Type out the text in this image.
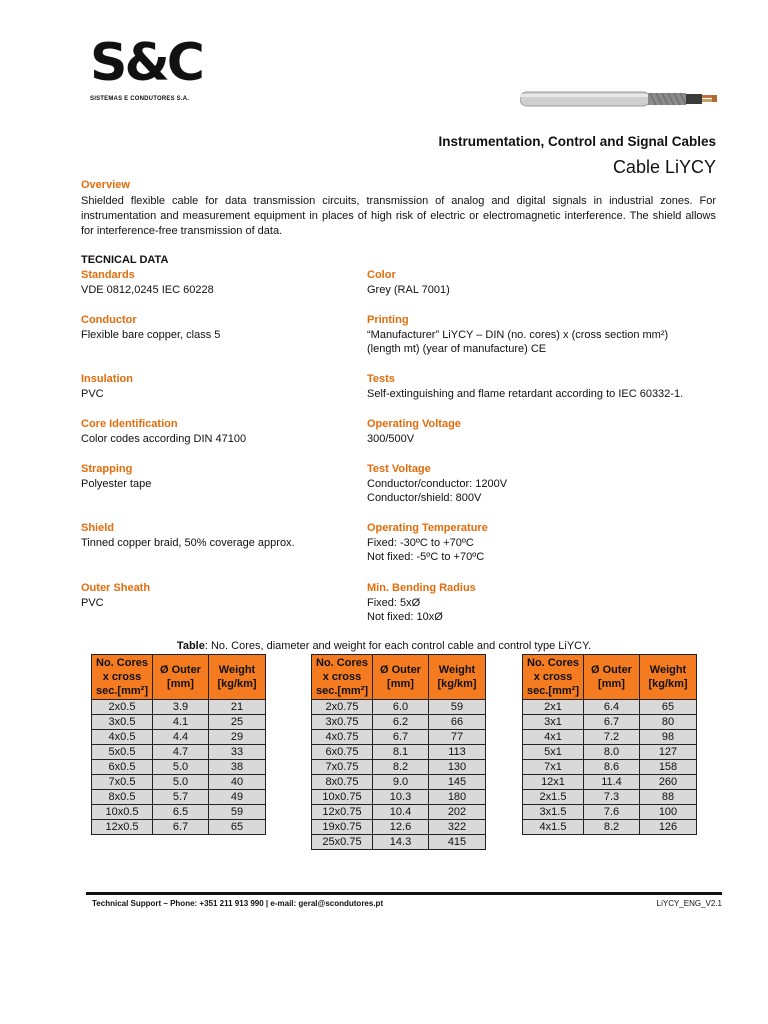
S&C
SISTEMAS E CONDUTORES S.A.
Instrumentation, Control and Signal Cables
Cable LiYCY
Overview
Shielded flexible cable for data transmission circuits, transmission of analog and digital signals in industrial zones. For instrumentation and measurement equipment in places of high risk of electric or electromagnetic interference. The shield allows for interference-free transmission of data.
TECNICAL DATA
Standards
VDE 0812,0245 IEC 60228
Conductor
Flexible bare copper, class 5
Insulation
PVC
Core Identification
Color codes according DIN 47100
Strapping
Polyester tape
Shield
Tinned copper braid, 50% coverage approx.
Outer Sheath
PVC
Color
Grey (RAL 7001)
Printing
“Manufacturer” LiYCY – DIN (no. cores) x (cross section mm²)
(length mt) (year of manufacture) CE
Tests
Self-extinguishing and flame retardant according to IEC 60332-1.
Operating Voltage
300/500V
Test Voltage
Conductor/conductor: 1200V
Conductor/shield: 800V
Operating Temperature
Fixed: -30ºC to +70ºC
Not fixed: -5ºC to +70ºC
Min. Bending Radius
Fixed: 5xØ
Not fixed: 10xØ
Table: No. Cores, diameter and weight for each control cable and control type LiYCY.
No. Cores x cross sec.[mm²]	Ø Outer [mm]	Weight [kg/km]
2x0.5	3.9	21
3x0.5	4.1	25
4x0.5	4.4	29
5x0.5	4.7	33
6x0.5	5.0	38
7x0.5	5.0	40
8x0.5	5.7	49
10x0.5	6.5	59
12x0.5	6.7	65
No. Cores x cross sec.[mm²]	Ø Outer [mm]	Weight [kg/km]
2x0.75	6.0	59
3x0.75	6.2	66
4x0.75	6.7	77
6x0.75	8.1	113
7x0.75	8.2	130
8x0.75	9.0	145
10x0.75	10.3	180
12x0.75	10.4	202
19x0.75	12.6	322
25x0.75	14.3	415
No. Cores x cross sec.[mm²]	Ø Outer [mm]	Weight [kg/km]
2x1	6.4	65
3x1	6.7	80
4x1	7.2	98
5x1	8.0	127
7x1	8.6	158
12x1	11.4	260
2x1.5	7.3	88
3x1.5	7.6	100
4x1.5	8.2	126
Technical Support – Phone: +351 211 913 990 | e-mail: geral@scondutores.pt	LiYCY_ENG_V2.1
